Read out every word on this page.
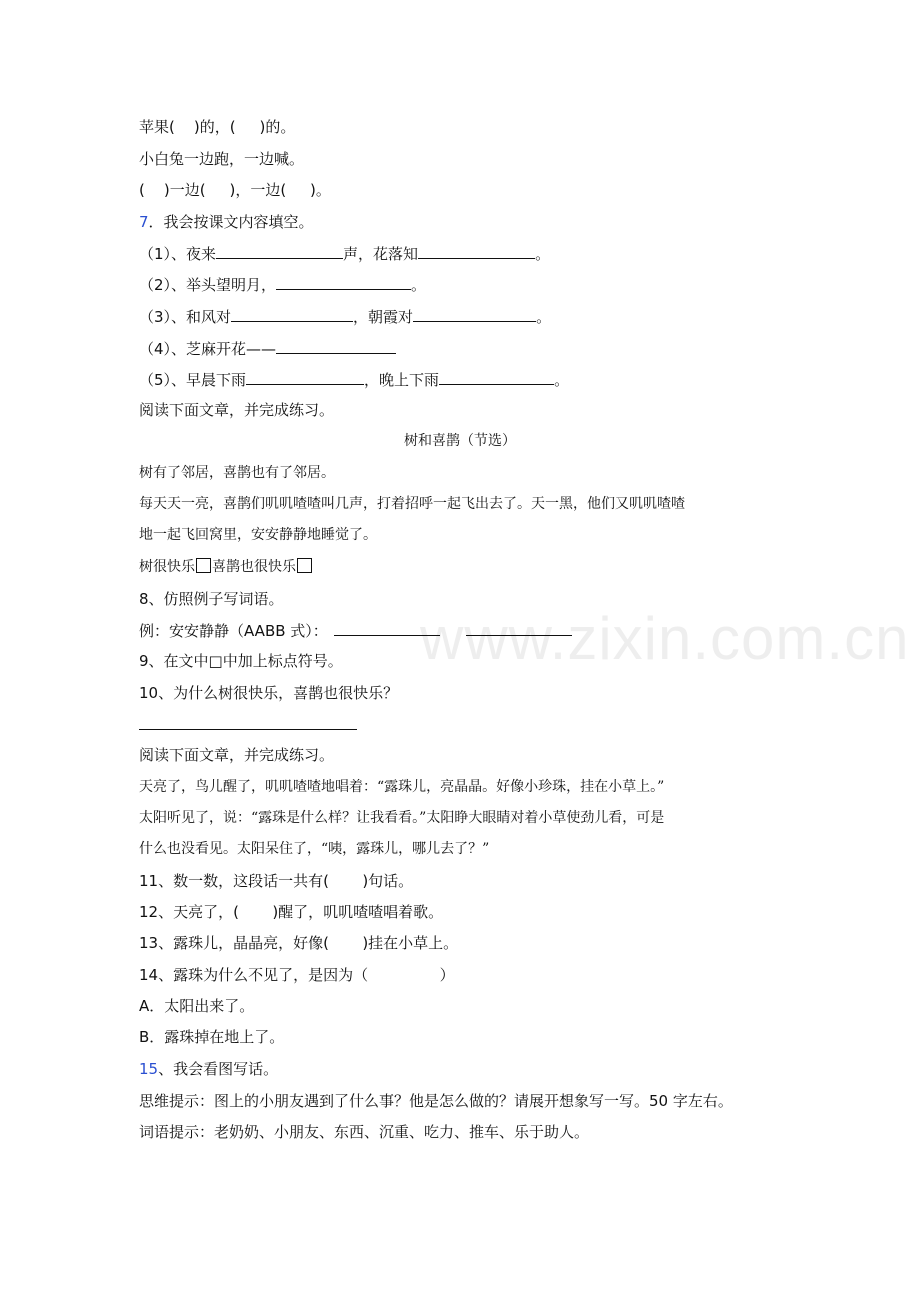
www.zixin.com.cn
苹果(    )的，(     )的。
小白兔一边跑，一边喊。
(    )一边(     )，一边(     )。
7．我会按课文内容填空。
（1）、夜来	声，花落知	。
（2）、举头望明月，	。
（3）、和风对	，朝霞对	。
（4）、芝麻开花——
（5）、早晨下雨	，晚上下雨	。
阅读下面文章，并完成练习。
树和喜鹊（节选）
树有了邻居，喜鹊也有了邻居。
每天天一亮，喜鹊们叽叽喳喳叫几声，打着招呼一起飞出去了。天一黑，他们又叽叽喳喳
地一起飞回窝里，安安静静地睡觉了。
树很快乐 喜鹊也很快乐
8、仿照例子写词语。
例：安安静静（AABB 式）：
9、在文中□中加上标点符号。
10、为什么树很快乐，喜鹊也很快乐？
阅读下面文章，并完成练习。
天亮了，鸟儿醒了，叽叽喳喳地唱着：“露珠儿，亮晶晶。好像小珍珠，挂在小草上。”
太阳听见了，说：“露珠是什么样？让我看看。”太阳睁大眼睛对着小草使劲儿看，可是
什么也没看见。太阳呆住了，“咦，露珠儿，哪儿去了？”
11、数一数，这段话一共有(       )句话。
12、天亮了，(       )醒了，叽叽喳喳唱着歌。
13、露珠儿，晶晶亮，好像(       )挂在小草上。
14、露珠为什么不见了，是因为（               ）
A．太阳出来了。
B．露珠掉在地上了。
15、我会看图写话。
思维提示：图上的小朋友遇到了什么事？他是怎么做的？请展开想象写一写。50 字左右。
词语提示：老奶奶、小朋友、东西、沉重、吃力、推车、乐于助人。
